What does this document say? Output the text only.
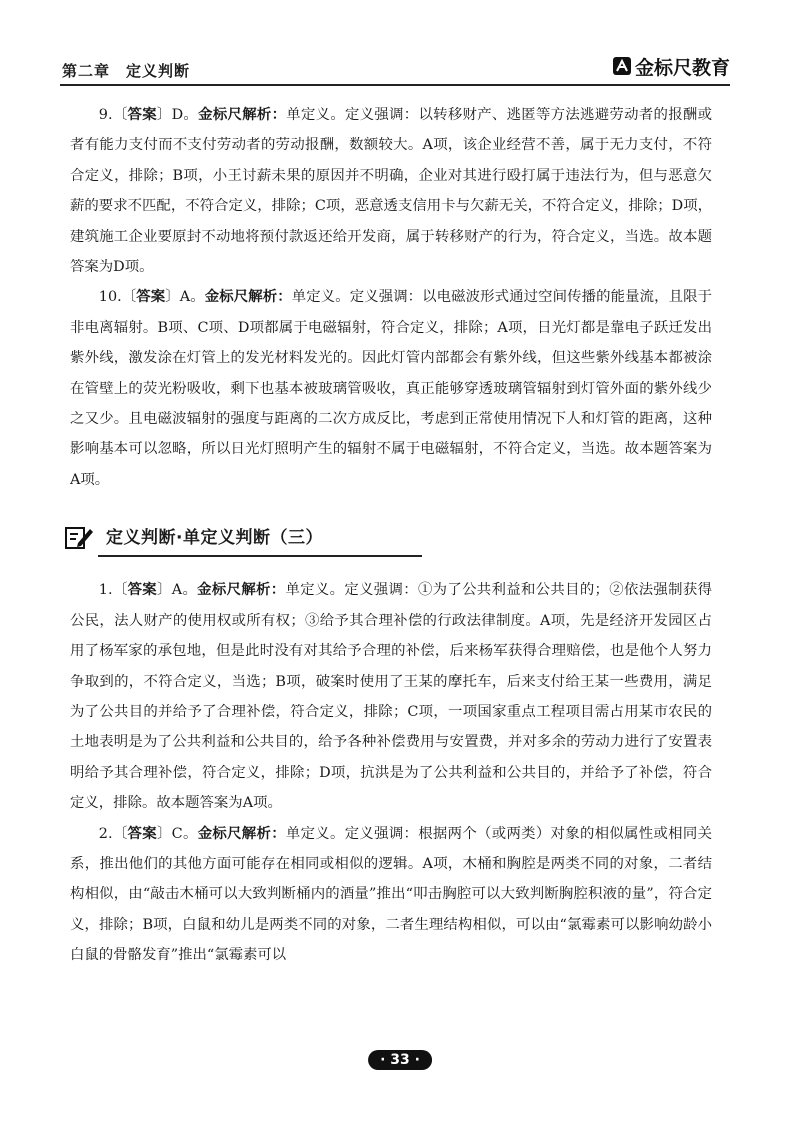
第二章　定义判断	金标尺教育

9.〔答案〕D。金标尺解析：单定义。定义强调：以转移财产、逃匿等方法逃避劳动者的报酬或者有能力支付而不支付劳动者的劳动报酬，数额较大。A项，该企业经营不善，属于无力支付，不符合定义，排除；B项，小王讨薪未果的原因并不明确，企业对其进行殴打属于违法行为，但与恶意欠薪的要求不匹配，不符合定义，排除；C项，恶意透支信用卡与欠薪无关，不符合定义，排除；D项，建筑施工企业要原封不动地将预付款返还给开发商，属于转移财产的行为，符合定义，当选。故本题答案为D项。

10.〔答案〕A。金标尺解析：单定义。定义强调：以电磁波形式通过空间传播的能量流，且限于非电离辐射。B项、C项、D项都属于电磁辐射，符合定义，排除；A项，日光灯都是靠电子跃迁发出紫外线，激发涂在灯管上的发光材料发光的。因此灯管内部都会有紫外线，但这些紫外线基本都被涂在管壁上的荧光粉吸收，剩下也基本被玻璃管吸收，真正能够穿透玻璃管辐射到灯管外面的紫外线少之又少。且电磁波辐射的强度与距离的二次方成反比，考虑到正常使用情况下人和灯管的距离，这种影响基本可以忽略，所以日光灯照明产生的辐射不属于电磁辐射，不符合定义，当选。故本题答案为A项。

定义判断·单定义判断（三）

1.〔答案〕A。金标尺解析：单定义。定义强调：①为了公共利益和公共目的；②依法强制获得公民，法人财产的使用权或所有权；③给予其合理补偿的行政法律制度。A项，先是经济开发园区占用了杨军家的承包地，但是此时没有对其给予合理的补偿，后来杨军获得合理赔偿，也是他个人努力争取到的，不符合定义，当选；B项，破案时使用了王某的摩托车，后来支付给王某一些费用，满足为了公共目的并给予了合理补偿，符合定义，排除；C项，一项国家重点工程项目需占用某市农民的土地表明是为了公共利益和公共目的，给予各种补偿费用与安置费，并对多余的劳动力进行了安置表明给予其合理补偿，符合定义，排除；D项，抗洪是为了公共利益和公共目的，并给予了补偿，符合定义，排除。故本题答案为A项。

2.〔答案〕C。金标尺解析：单定义。定义强调：根据两个（或两类）对象的相似属性或相同关系，推出他们的其他方面可能存在相同或相似的逻辑。A项，木桶和胸腔是两类不同的对象，二者结构相似，由“敲击木桶可以大致判断桶内的酒量”推出“叩击胸腔可以大致判断胸腔积液的量”，符合定义，排除；B项，白鼠和幼儿是两类不同的对象，二者生理结构相似，可以由“氯霉素可以影响幼龄小白鼠的骨骼发育”推出“氯霉素可以

· 33 ·
